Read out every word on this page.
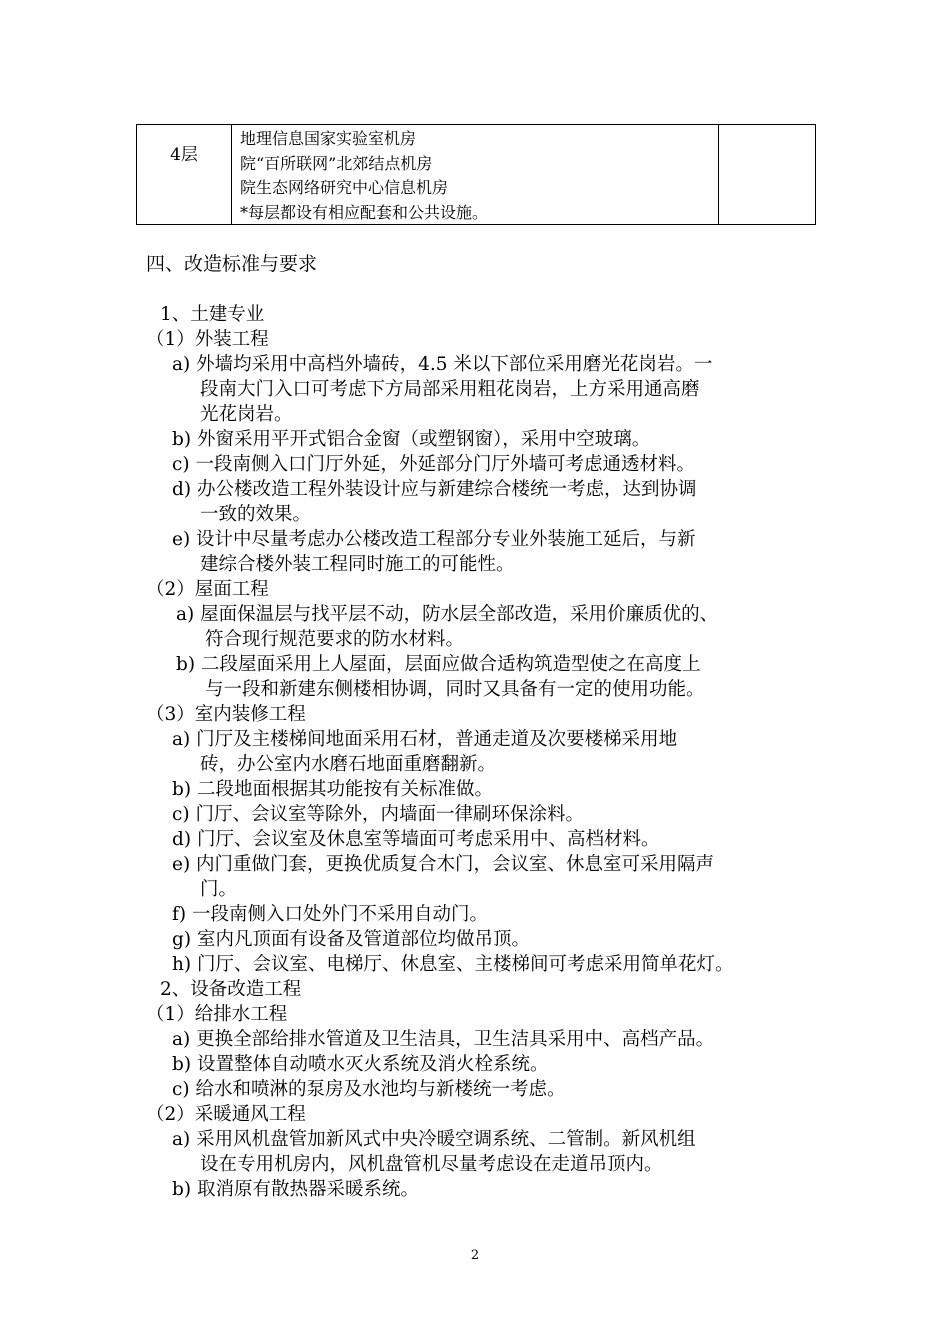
4层
地理信息国家实验室机房
院“百所联网”北郊结点机房
院生态网络研究中心信息机房
*每层都设有相应配套和公共设施。
四、改造标准与要求
1、土建专业
（1）外装工程
a) 外墙均采用中高档外墙砖，4.5 米以下部位采用磨光花岗岩。一
段南大门入口可考虑下方局部采用粗花岗岩，上方采用通高磨
光花岗岩。
b) 外窗采用平开式铝合金窗（或塑钢窗），采用中空玻璃。
c) 一段南侧入口门厅外延，外延部分门厅外墙可考虑通透材料。
d) 办公楼改造工程外装设计应与新建综合楼统一考虑，达到协调
一致的效果。
e) 设计中尽量考虑办公楼改造工程部分专业外装施工延后，与新
建综合楼外装工程同时施工的可能性。
（2）屋面工程
a) 屋面保温层与找平层不动，防水层全部改造，采用价廉质优的、
符合现行规范要求的防水材料。
b) 二段屋面采用上人屋面，层面应做合适构筑造型使之在高度上
与一段和新建东侧楼相协调，同时又具备有一定的使用功能。
（3）室内装修工程
a) 门厅及主楼梯间地面采用石材，普通走道及次要楼梯采用地
砖，办公室内水磨石地面重磨翻新。
b) 二段地面根据其功能按有关标准做。
c) 门厅、会议室等除外，内墙面一律刷环保涂料。
d) 门厅、会议室及休息室等墙面可考虑采用中、高档材料。
e) 内门重做门套，更换优质复合木门，会议室、休息室可采用隔声
门。
f) 一段南侧入口处外门不采用自动门。
g) 室内凡顶面有设备及管道部位均做吊顶。
h) 门厅、会议室、电梯厅、休息室、主楼梯间可考虑采用简单花灯。
2、设备改造工程
（1）给排水工程
a) 更换全部给排水管道及卫生洁具，卫生洁具采用中、高档产品。
b) 设置整体自动喷水灭火系统及消火栓系统。
c) 给水和喷淋的泵房及水池均与新楼统一考虑。
（2）采暖通风工程
a) 采用风机盘管加新风式中央冷暖空调系统、二管制。新风机组
设在专用机房内，风机盘管机尽量考虑设在走道吊顶内。
b) 取消原有散热器采暖系统。
2
